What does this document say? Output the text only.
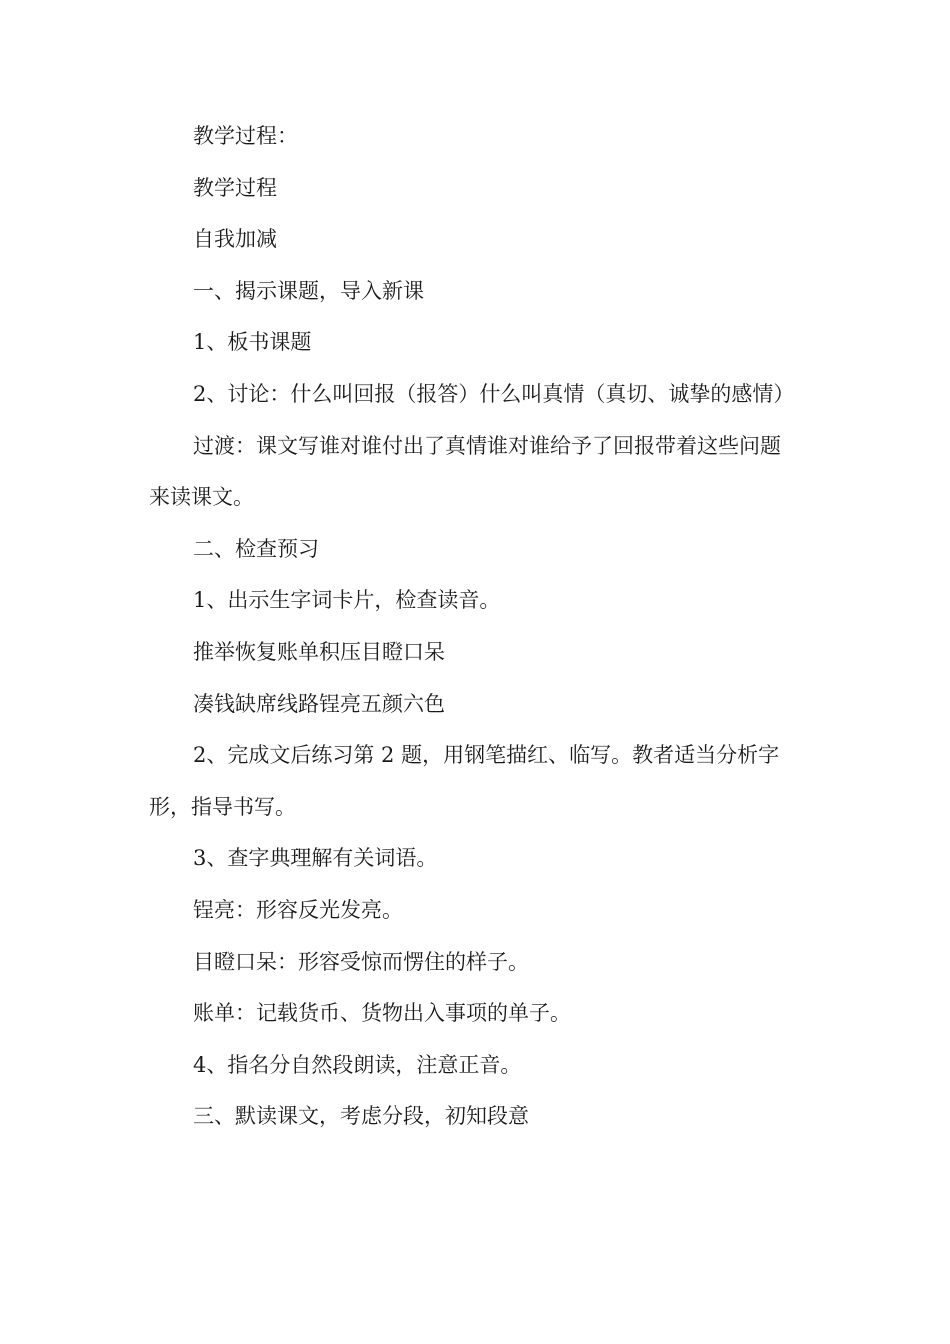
教学过程：

教学过程

自我加减

一、揭示课题，导入新课

1、板书课题

2、讨论：什么叫回报（报答）什么叫真情（真切、诚挚的感情）

过渡：课文写谁对谁付出了真情谁对谁给予了回报带着这些问题来读课文。

二、检查预习

1、出示生字词卡片，检查读音。

推举恢复账单积压目瞪口呆

凑钱缺席线路锃亮五颜六色

2、完成文后练习第 2 题，用钢笔描红、临写。教者适当分析字形，指导书写。

3、查字典理解有关词语。

锃亮：形容反光发亮。

目瞪口呆：形容受惊而愣住的样子。

账单：记载货币、货物出入事项的单子。

4、指名分自然段朗读，注意正音。

三、默读课文，考虑分段，初知段意
